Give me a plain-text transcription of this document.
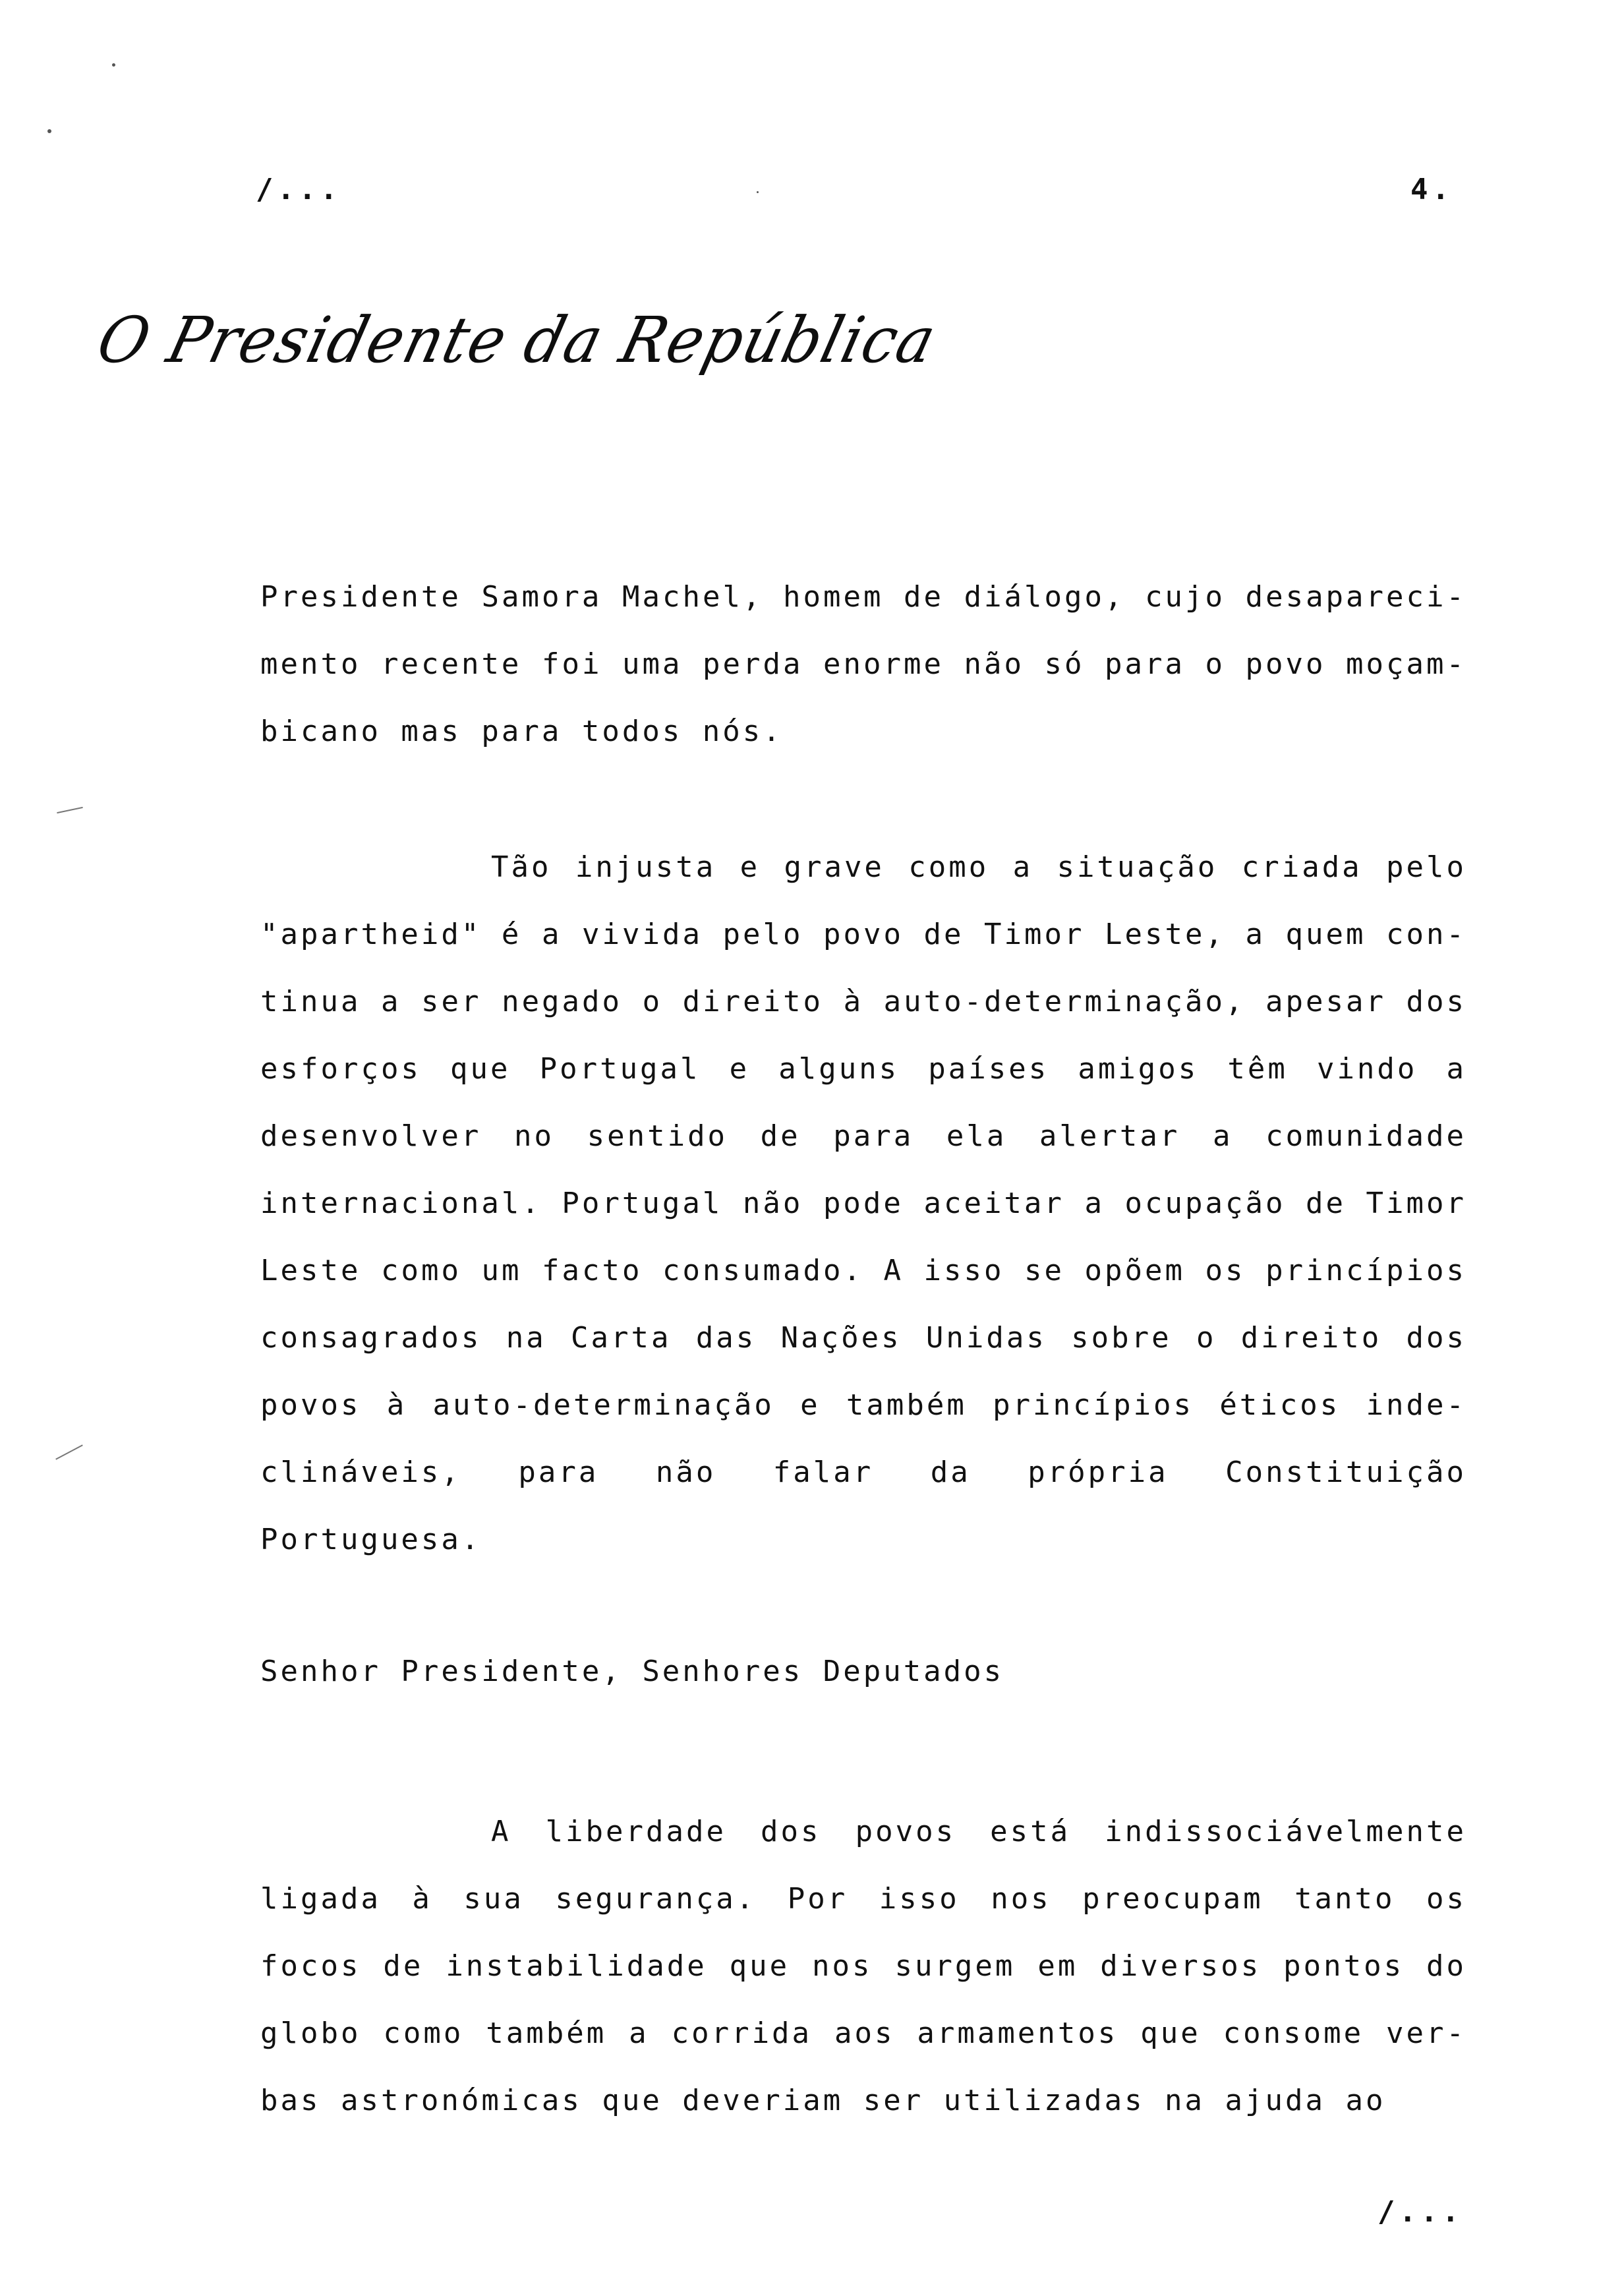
/...	4.
O Presidente da República

Presidente Samora Machel, homem de diálogo, cujo desapareci-mento recente foi uma perda enorme não só para o povo moçam-bicano mas para todos nós.

Tão injusta e grave como a situação criada pelo "apartheid" é a vivida pelo povo de Timor Leste, a quem con-tinua a ser negado o direito à auto-determinação, apesar dos esforços que Portugal e alguns países amigos têm vindo a desenvolver no sentido de para ela alertar a comunidade internacional. Portugal não pode aceitar a ocupação de Timor Leste como um facto consumado. A isso se opõem os princípios consagrados na Carta das Nações Unidas sobre o direito dos povos à auto-determinação e também princípios éticos inde-clináveis, para não falar da própria Constituição Portuguesa.

Senhor Presidente, Senhores Deputados

A liberdade dos povos está indissociávelmente ligada à sua segurança. Por isso nos preocupam tanto os focos de instabilidade que nos surgem em diversos pontos do globo como também a corrida aos armamentos que consome ver-bas astronómicas que deveriam ser utilizadas na ajuda ao

/...
